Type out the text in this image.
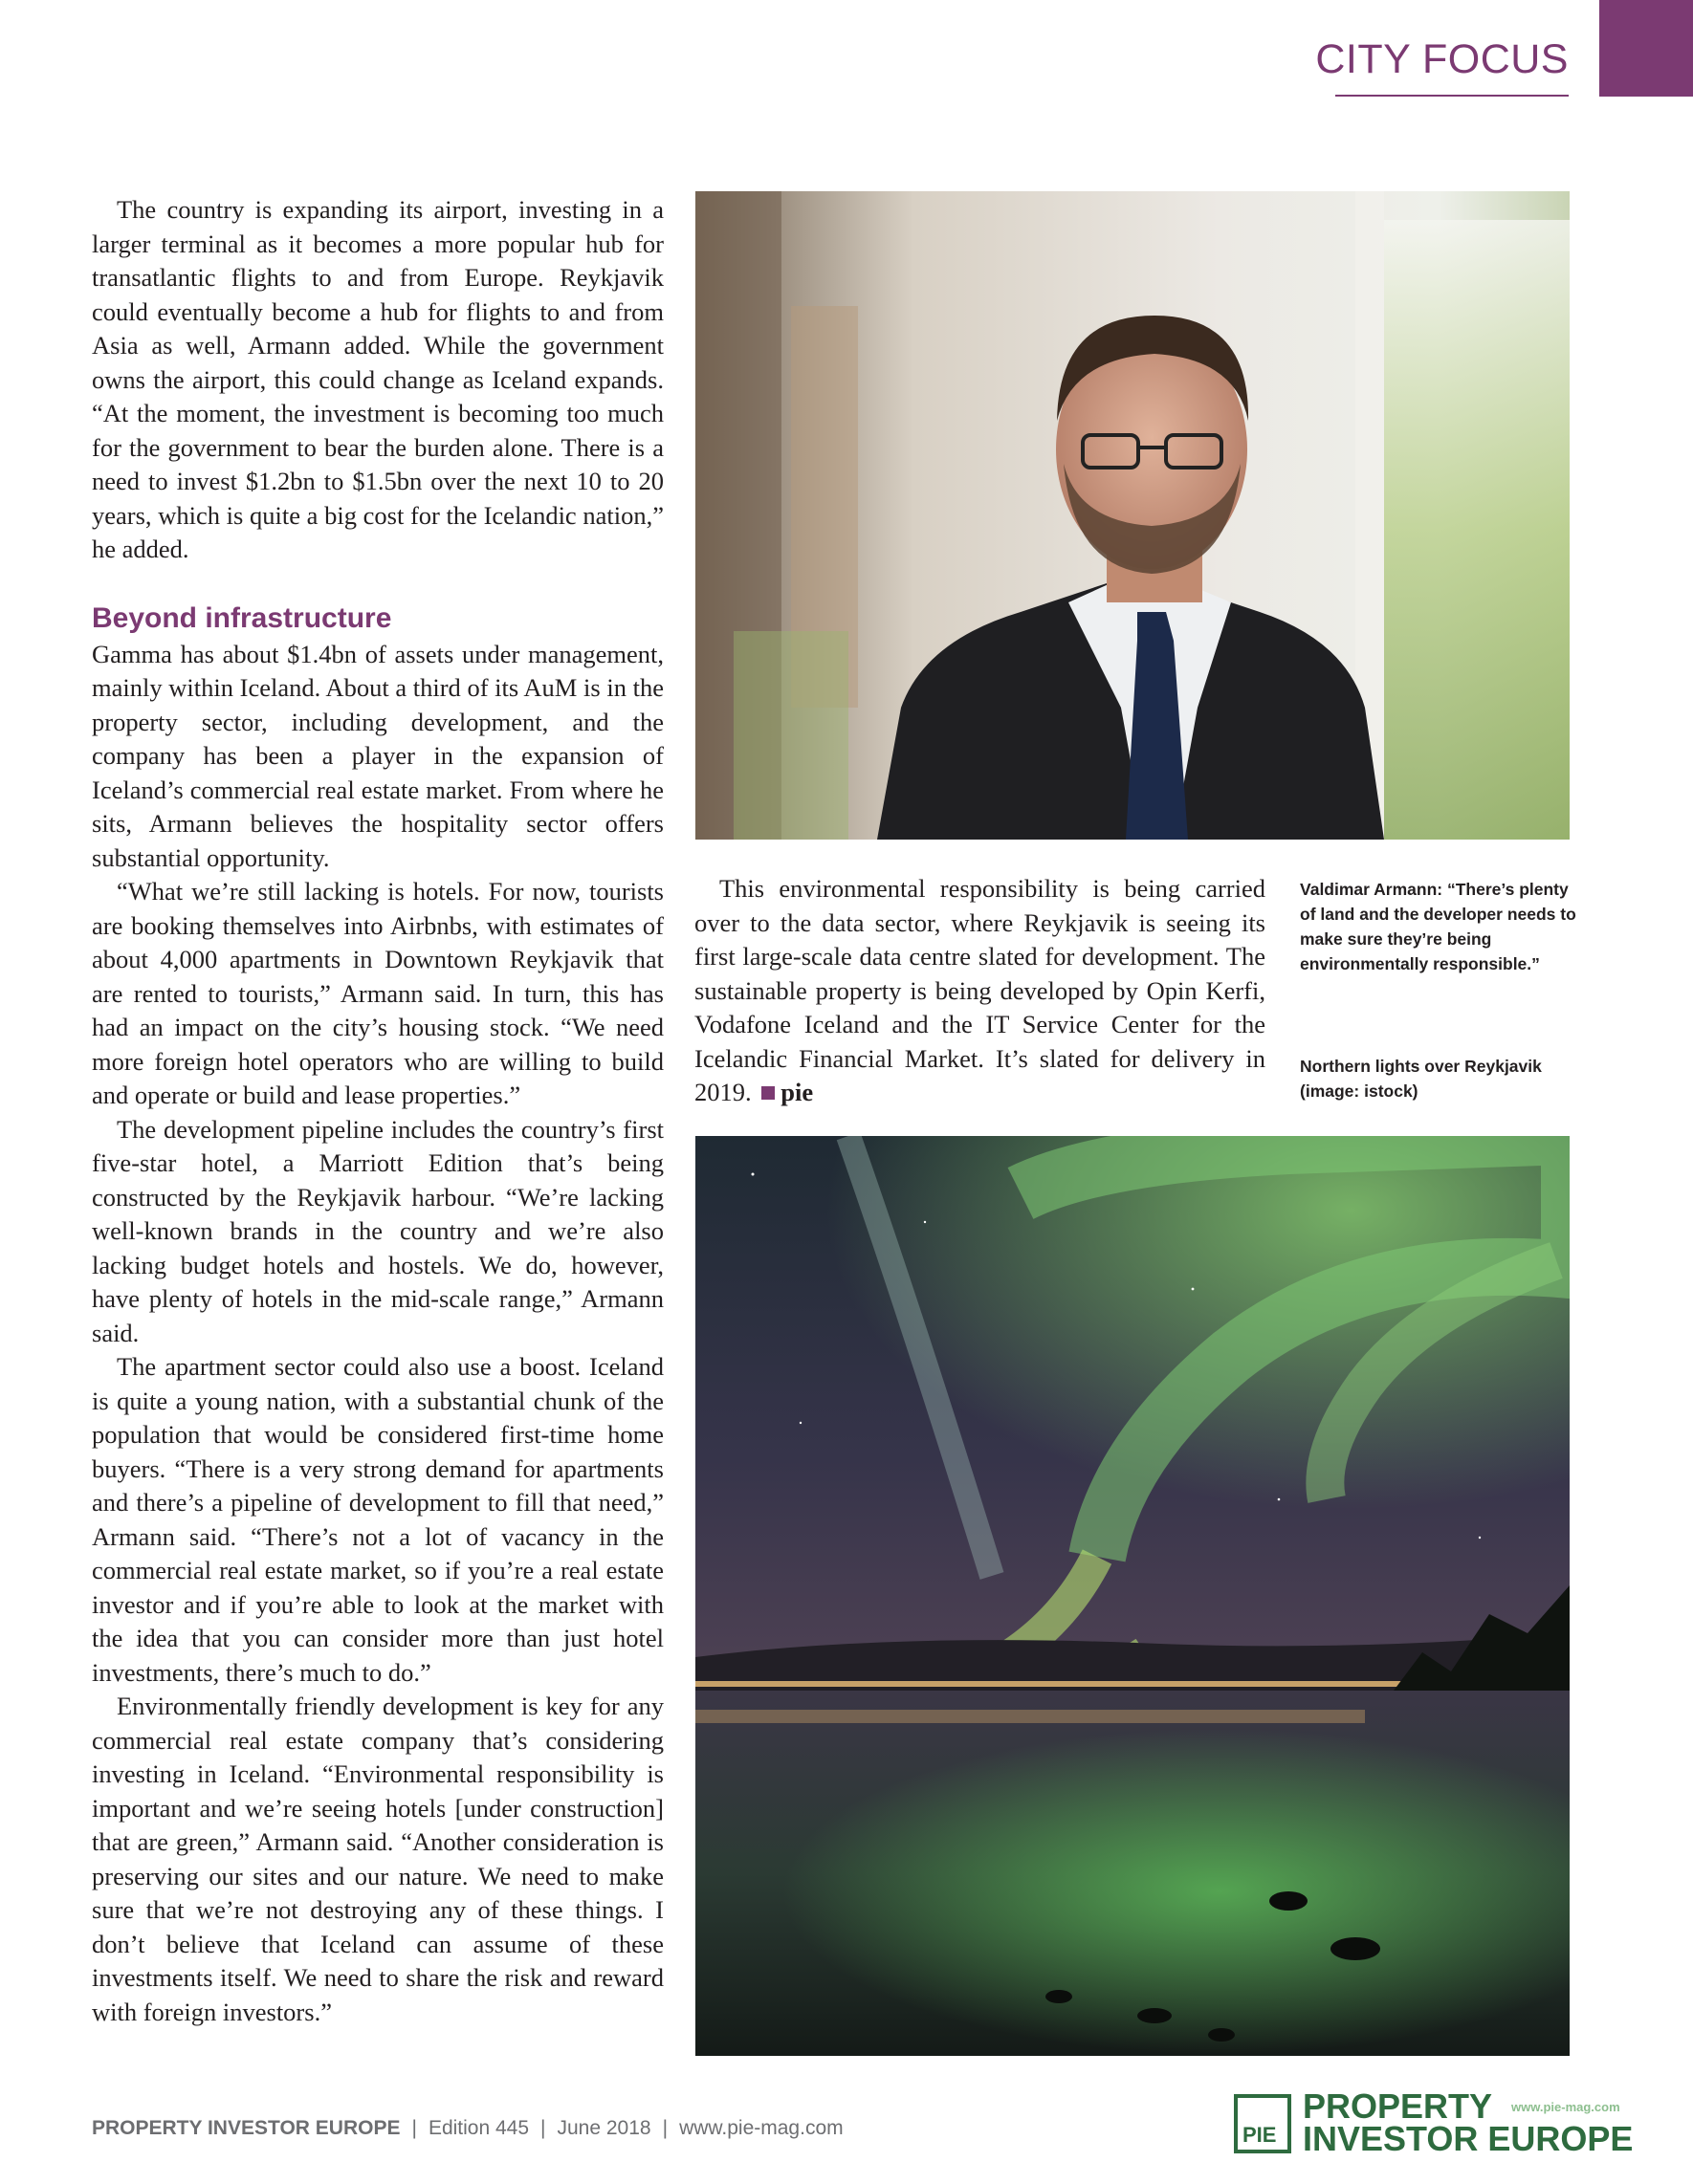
CITY FOCUS

The country is expanding its airport, investing in a larger terminal as it becomes a more popular hub for transatlantic flights to and from Europe. Reykjavik could eventually become a hub for flights to and from Asia as well, Armann added. While the government owns the airport, this could change as Iceland expands. “At the moment, the investment is becoming too much for the government to bear the burden alone. There is a need to invest $1.2bn to $1.5bn over the next 10 to 20 years, which is quite a big cost for the Icelandic nation,” he added.

Beyond infrastructure

Gamma has about $1.4bn of assets under management, mainly within Iceland. About a third of its AuM is in the property sector, including development, and the company has been a player in the expansion of Iceland’s commercial real estate market. From where he sits, Armann believes the hospitality sector offers substantial opportunity.

“What we’re still lacking is hotels. For now, tourists are booking themselves into Airbnbs, with estimates of about 4,000 apartments in Downtown Reykjavik that are rented to tourists,” Armann said. In turn, this has had an impact on the city’s housing stock. “We need more foreign hotel operators who are willing to build and operate or build and lease properties.”

The development pipeline includes the country’s first five-star hotel, a Marriott Edition that’s being constructed by the Reykjavik harbour. “We’re lacking well-known brands in the country and we’re also lacking budget hotels and hostels. We do, however, have plenty of hotels in the mid-scale range,” Armann said.

The apartment sector could also use a boost. Iceland is quite a young nation, with a substantial chunk of the population that would be considered first-time home buyers. “There is a very strong demand for apartments and there’s a pipeline of development to fill that need,” Armann said. “There’s not a lot of vacancy in the commercial real estate market, so if you’re a real estate investor and if you’re able to look at the market with the idea that you can consider more than just hotel investments, there’s much to do.”

Environmentally friendly development is key for any commercial real estate company that’s considering investing in Iceland. “Environmental responsibility is important and we’re seeing hotels [under construction] that are green,” Armann said. “Another consideration is preserving our sites and our nature. We need to make sure that we’re not destroying any of these things. I don’t believe that Iceland can assume of these investments itself. We need to share the risk and reward with foreign investors.”

This environmental responsibility is being carried over to the data sector, where Reykjavik is seeing its first large-scale data centre slated for development. The sustainable property is being developed by Opin Kerfi, Vodafone Iceland and the IT Service Center for the Icelandic Financial Market. It’s slated for delivery in 2019. pie

Valdimar Armann: “There’s plenty of land and the developer needs to make sure they’re being environmentally responsible.”
Northern lights over Reykjavik (image: istock)
PROPERTY INVESTOR EUROPE | Edition 445 | June 2018 | www.pie-mag.com	PIE
PROPERTY
INVESTOR EUROPE
www.pie-mag.com
